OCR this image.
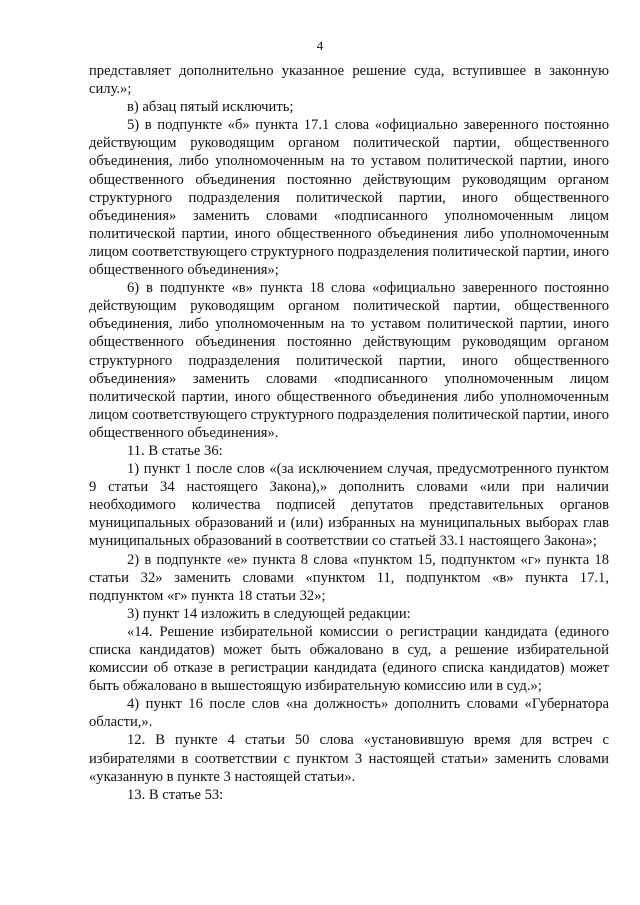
4

представляет дополнительно указанное решение суда, вступившее в законную силу.»;

в) абзац пятый исключить;

5) в подпункте «б» пункта 17.1 слова «официально заверенного постоянно действующим руководящим органом политической партии, общественного объединения, либо уполномоченным на то уставом политической партии, иного общественного объединения постоянно действующим руководящим органом структурного подразделения политической партии, иного общественного объединения» заменить словами «подписанного уполномоченным лицом политической партии, иного общественного объединения либо уполномоченным лицом соответствующего структурного подразделения политической партии, иного общественного объединения»;

6) в подпункте «в» пункта 18 слова «официально заверенного постоянно действующим руководящим органом политической партии, общественного объединения, либо уполномоченным на то уставом политической партии, иного общественного объединения постоянно действующим руководящим органом структурного подразделения политической партии, иного общественного объединения» заменить словами «подписанного уполномоченным лицом политической партии, иного общественного объединения либо уполномоченным лицом соответствующего структурного подразделения политической партии, иного общественного объединения».

11. В статье 36:

1) пункт 1 после слов «(за исключением случая, предусмотренного пунктом 9 статьи 34 настоящего Закона),» дополнить словами «или при наличии необходимого количества подписей депутатов представительных органов муниципальных образований и (или) избранных на муниципальных выборах глав муниципальных образований в соответствии со статьей 33.1 настоящего Закона»;

2) в подпункте «е» пункта 8 слова «пунктом 15, подпунктом «г» пункта 18 статьи 32» заменить словами «пунктом 11, подпунктом «в» пункта 17.1, подпунктом «г» пункта 18 статьи 32»;

3) пункт 14 изложить в следующей редакции:

«14. Решение избирательной комиссии о регистрации кандидата (единого списка кандидатов) может быть обжаловано в суд, а решение избирательной комиссии об отказе в регистрации кандидата (единого списка кандидатов) может быть обжаловано в вышестоящую избирательную комиссию или в суд.»;

4) пункт 16 после слов «на должность» дополнить словами «Губернатора области,».

12. В пункте 4 статьи 50 слова «установившую время для встреч с избирателями в соответствии с пунктом 3 настоящей статьи» заменить словами «указанную в пункте 3 настоящей статьи».

13. В статье 53:
